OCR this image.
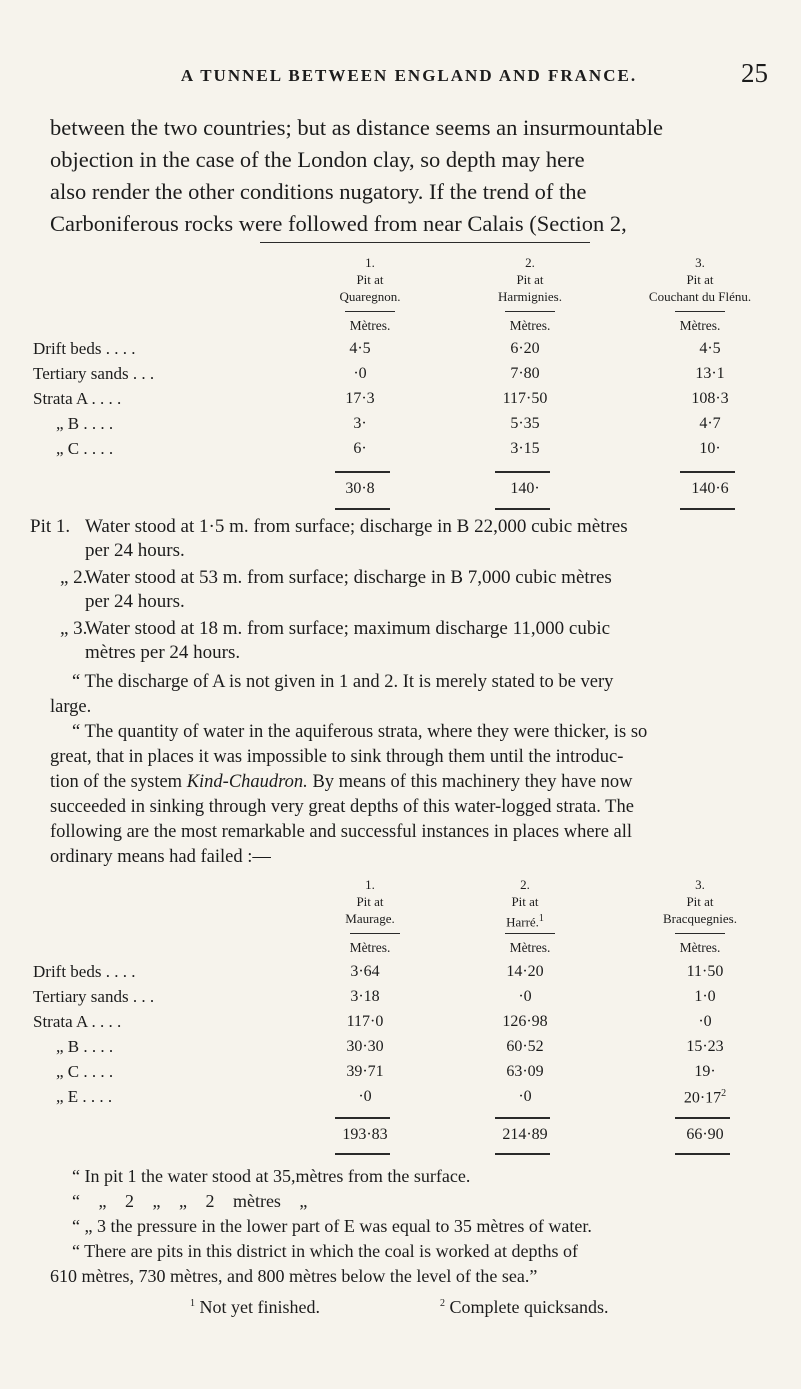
A TUNNEL BETWEEN ENGLAND AND FRANCE.	25
between the two countries; but as distance seems an insurmountable
objection in the case of the London clay, so depth may here
also render the other conditions nugatory. If the trend of the
Carboniferous rocks were followed from near Calais (Section 2,
1.
Pit at
Quaregnon.
2.
Pit at
Harmignies.
3.
Pit at
Couchant du Flénu.
Mètres.	Mètres.	Mètres.
Drift beds . . . .	4·5	6·20	4·5
Tertiary sands . . .	·0	7·80	13·1
Strata A . . . .	17·3	117·50	108·3
„ B . . . .	3·	5·35	4·7
„ C . . . .	6·	3·15	10·
30·8	140·	140·6
Pit 1. Water stood at 1·5 m. from surface; discharge in B 22,000 cubic mètres
per 24 hours.
„ 2.
Water stood at 53 m. from surface; discharge in B 7,000 cubic mètres
per 24 hours.
„ 3.
Water stood at 18 m. from surface; maximum discharge 11,000 cubic
mètres per 24 hours.
“ The discharge of A is not given in 1 and 2. It is merely stated to be very
large.
“ The quantity of water in the aquiferous strata, where they were thicker, is so
great, that in places it was impossible to sink through them until the introduc-
tion of the system Kind-Chaudron. By means of this machinery they have now
succeeded in sinking through very great depths of this water-logged strata. The
following are the most remarkable and successful instances in places where all
ordinary means had failed :—
1.
Pit at
Maurage.
2.
Pit at
Harré.$^1$
3.
Pit at
Bracquegnies.
Mètres.	Mètres.	Mètres.
Drift beds . . . .	3·64	14·20	11·50
Tertiary sands . . .	3·18	·0	1·0
Strata A . . . .	117·0	126·98	·0
„ B . . . .	30·30	60·52	15·23
„ C . . . .	39·71	63·09	19·
„ E . . . .	·0	·0	$20\cdot 17^2$
193·83	214·89	66·90
“ In pit 1 the water stood at 35,mètres from the surface.
“ „ 2 „ „ 2 mètres „
“ „ 3 the pressure in the lower part of E was equal to 35 mètres of water.
“ There are pits in this district in which the coal is worked at depths of
610 mètres, 730 mètres, and 800 mètres below the level of the sea.”
$^1$ Not yet finished.	$^2$ Complete quicksands.
